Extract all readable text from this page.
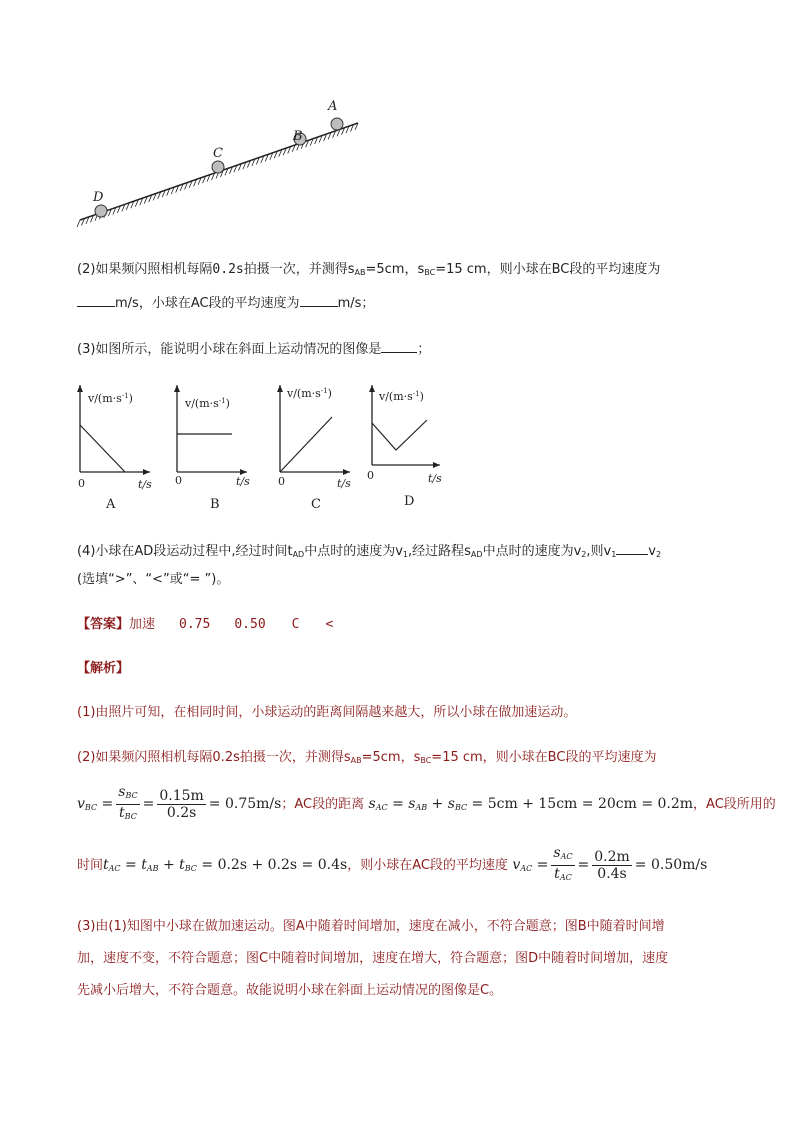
D
C
B
A
(2)如果频闪照相机每隔0.2s拍摄一次，并测得$s_{AB}=5cm$，$s_{BC}=15$ cm，则小球在BC段的平均速度为
m/s，小球在AC段的平均速度为	m/s；
(3)如图所示，能说明小球在斜面上运动情况的图像是	；
$v/(m\cdot s^{-1})$
0	t/s
A
$v/(m\cdot s^{-1})$
0	t/s
B
$v/(m\cdot s^{-1})$
0	t/s
C
$v/(m\cdot s^{-1})$
0	t/s
D
(4)小球在AD段运动过程中,经过时间$t_{AD}$中点时的速度为$v_1$,经过路程$s_{AD}$中点时的速度为$v_2$,则$v_1$ $v_2$
(选填“>”、“<”或“= ”)。
【答案】加速 0.75 0.50 C <
【解析】
(1)由照片可知，在相同时间，小球运动的距离间隔越来越大，所以小球在做加速运动。
(2)如果频闪照相机每隔0.2s拍摄一次，并测得$s_{AB}=5cm$，$s_{BC}=15$ cm，则小球在BC段的平均速度为
$v_{BC} = \frac{s_{BC}}{t_{BC}} = \frac{0.15m}{0.2s} = 0.75m/s$；AC段的距离 $s_{AC} = s_{AB} + s_{BC} = 5cm + 15cm = 20cm = 0.2m$，AC段所用的
时间$t_{AC} = t_{AB} + t_{BC} = 0.2s + 0.2s = 0.4s$，则小球在AC段的平均速度 $v_{AC} = \frac{s_{AC}}{t_{AC}} = \frac{0.2m}{0.4s} = 0.50m/s$
(3)由(1)知图中小球在做加速运动。图A中随着时间增加，速度在减小，不符合题意；图B中随着时间增
加，速度不变，不符合题意；图C中随着时间增加，速度在增大，符合题意；图D中随着时间增加，速度
先减小后增大，不符合题意。故能说明小球在斜面上运动情况的图像是C。
